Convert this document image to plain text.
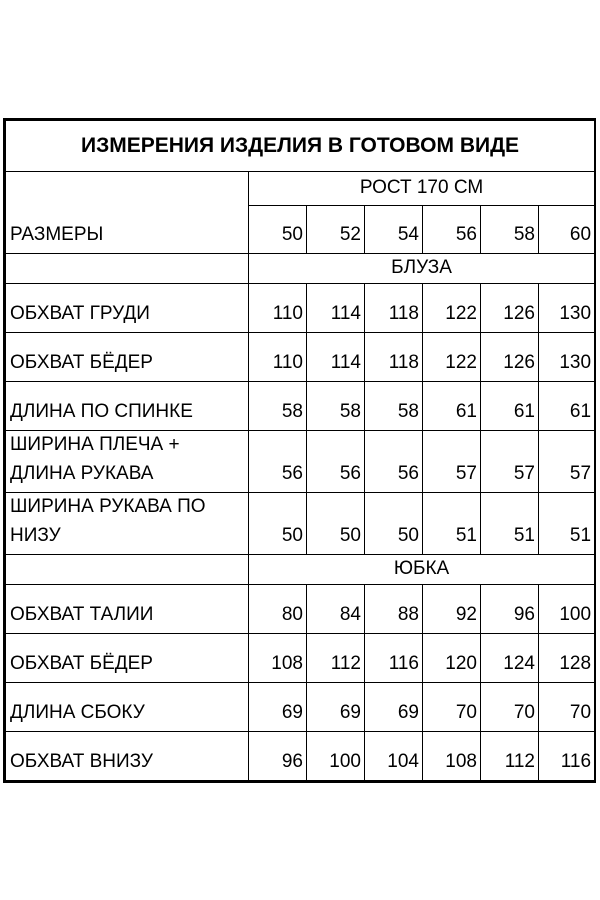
ИЗМЕРЕНИЯ ИЗДЕЛИЯ В ГОТОВОМ ВИДЕ						
РАЗМЕРЫ	РОСТ 170 СМ					
	50	52	54	56	58	60
	БЛУЗА					
ОБХВАТ ГРУДИ	110	114	118	122	126	130
ОБХВАТ БЁДЕР	110	114	118	122	126	130
ДЛИНА ПО СПИНКЕ	58	58	58	61	61	61
ШИРИНА ПЛЕЧА + ДЛИНА РУКАВА	56	56	56	57	57	57
ШИРИНА РУКАВА ПО НИЗУ	50	50	50	51	51	51
	ЮБКА					
ОБХВАТ ТАЛИИ	80	84	88	92	96	100
ОБХВАТ БЁДЕР	108	112	116	120	124	128
ДЛИНА СБОКУ	69	69	69	70	70	70
ОБХВАТ ВНИЗУ	96	100	104	108	112	116
